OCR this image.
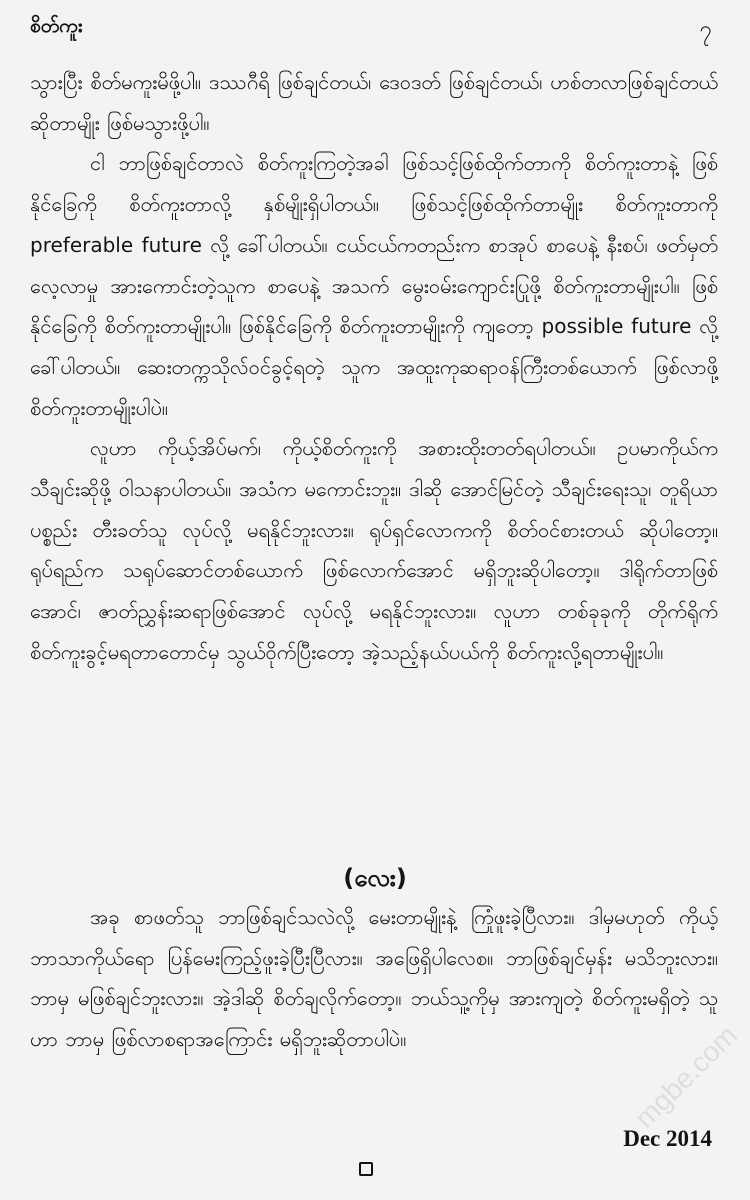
စိတ်ကူး	၇

သွားပြီး စိတ်မကူးမိဖို့ပါ။ ဒဿဂီရိ ဖြစ်ချင်တယ်၊ ဒေဝဒတ် ဖြစ်ချင်တယ်၊ ဟစ်တလာဖြစ်ချင်တယ် ဆိုတာမျိုး ဖြစ်မသွားဖို့ပါ။

ငါ ဘာဖြစ်ချင်တာလဲ စိတ်ကူးကြတဲ့အခါ ဖြစ်သင့်ဖြစ်ထိုက်တာကို စိတ်ကူးတာနဲ့ ဖြစ်နိုင်ခြေကို စိတ်ကူးတာလို့ နှစ်မျိုးရှိပါတယ်။ ဖြစ်သင့်ဖြစ်ထိုက်တာမျိုး စိတ်ကူးတာကို preferable future လို့ ခေါ်ပါတယ်။ ငယ်ငယ်ကတည်းက စာအုပ် စာပေနဲ့ နီးစပ်၊ ဖတ်မှတ် လေ့လာမှု အားကောင်းတဲ့သူက စာပေနဲ့ အသက် မွေးဝမ်းကျောင်းပြုဖို့ စိတ်ကူးတာမျိုးပါ။ ဖြစ်နိုင်ခြေကို စိတ်ကူးတာမျိုးပါ။ ဖြစ်နိုင်ခြေကို စိတ်ကူးတာမျိုးကို ကျတော့ possible future လို့ ခေါ်ပါတယ်။ ဆေးတက္ကသိုလ်ဝင်ခွင့်ရတဲ့ သူက အထူးကုဆရာဝန်ကြီးတစ်ယောက် ဖြစ်လာဖို့ စိတ်ကူးတာမျိုးပါပဲ။

လူဟာ ကိုယ့်အိပ်မက်၊ ကိုယ့်စိတ်ကူးကို အစားထိုးတတ်ရပါတယ်။ ဥပမာကိုယ်က သီချင်းဆိုဖို့ ဝါသနာပါတယ်။ အသံက မကောင်းဘူး။ ဒါဆို အောင်မြင်တဲ့ သီချင်းရေးသူ၊ တူရိယာပစ္စည်း တီးခတ်သူ လုပ်လို့ မရနိုင်ဘူးလား။ ရုပ်ရှင်လောကကို စိတ်ဝင်စားတယ် ဆိုပါတော့။ ရုပ်ရည်က သရုပ်ဆောင်တစ်ယောက် ဖြစ်လောက်အောင် မရှိဘူးဆိုပါတော့။ ဒါရိုက်တာဖြစ်အောင်၊ ဇာတ်ညွှန်းဆရာဖြစ်အောင် လုပ်လို့ မရနိုင်ဘူးလား။ လူဟာ တစ်ခုခုကို တိုက်ရိုက် စိတ်ကူးခွင့်မရတာတောင်မှ သွယ်ဝိုက်ပြီးတော့ အဲ့သည့်နယ်ပယ်ကို စိတ်ကူးလို့ရတာမျိုးပါ။

(လေး)

အခု စာဖတ်သူ ဘာဖြစ်ချင်သလဲလို့ မေးတာမျိုးနဲ့ ကြုံဖူးခဲ့ပြီလား။ ဒါမှမဟုတ် ကိုယ့်ဘာသာကိုယ်ရော ပြန်မေးကြည့်ဖူးခဲ့ပြီးပြီလား။ အဖြေရှိပါလေစ။ ဘာဖြစ်ချင်မှန်း မသိဘူးလား။ ဘာမှ မဖြစ်ချင်ဘူးလား။ အဲ့ဒါဆို စိတ်ချလိုက်တော့။ ဘယ်သူ့ကိုမှ အားကျတဲ့ စိတ်ကူးမရှိတဲ့ သူဟာ ဘာမှ ဖြစ်လာစရာအကြောင်း မရှိဘူးဆိုတာပါပဲ။

Dec 2014
mgbe.com
